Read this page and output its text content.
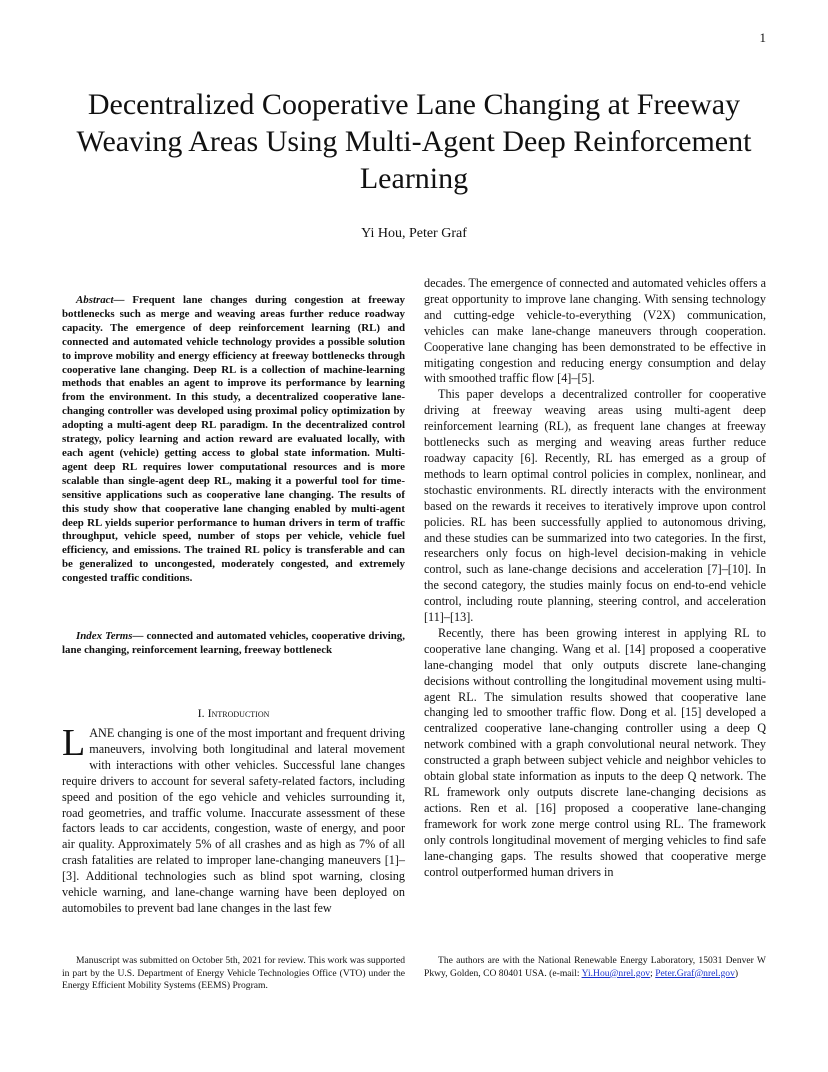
1
Decentralized Cooperative Lane Changing at Freeway Weaving Areas Using Multi-Agent Deep Reinforcement Learning
Yi Hou, Peter Graf

Abstract— Frequent lane changes during congestion at freeway bottlenecks such as merge and weaving areas further reduce roadway capacity. The emergence of deep reinforcement learning (RL) and connected and automated vehicle technology provides a possible solution to improve mobility and energy efficiency at freeway bottlenecks through cooperative lane changing. Deep RL is a collection of machine-learning methods that enables an agent to improve its performance by learning from the environment. In this study, a decentralized cooperative lane-changing controller was developed using proximal policy optimization by adopting a multi-agent deep RL paradigm. In the decentralized control strategy, policy learning and action reward are evaluated locally, with each agent (vehicle) getting access to global state information. Multi-agent deep RL requires lower computational resources and is more scalable than single-agent deep RL, making it a powerful tool for time-sensitive applications such as cooperative lane changing. The results of this study show that cooperative lane changing enabled by multi-agent deep RL yields superior performance to human drivers in term of traffic throughput, vehicle speed, number of stops per vehicle, vehicle fuel efficiency, and emissions. The trained RL policy is transferable and can be generalized to uncongested, moderately congested, and extremely congested traffic conditions.

Index Terms— connected and automated vehicles, cooperative driving, lane changing, reinforcement learning, freeway bottleneck

I. Introduction
LANE changing is one of the most important and frequent driving maneuvers, involving both longitudinal and lateral movement with interactions with other vehicles. Successful lane changes require drivers to account for several safety-related factors, including speed and position of the ego vehicle and vehicles surrounding it, road geometries, and traffic volume. Inaccurate assessment of these factors leads to car accidents, congestion, waste of energy, and poor air quality. Approximately 5% of all crashes and as high as 7% of all crash fatalities are related to improper lane-changing maneuvers [1]–[3]. Additional technologies such as blind spot warning, closing vehicle warning, and lane-change warning have been deployed on automobiles to prevent bad lane changes in the last few

decades. The emergence of connected and automated vehicles offers a great opportunity to improve lane changing. With sensing technology and cutting-edge vehicle-to-everything (V2X) communication, vehicles can make lane-change maneuvers through cooperation. Cooperative lane changing has been demonstrated to be effective in mitigating congestion and reducing energy consumption and delay with smoothed traffic flow [4]–[5].

This paper develops a decentralized controller for cooperative driving at freeway weaving areas using multi-agent deep reinforcement learning (RL), as frequent lane changes at freeway bottlenecks such as merging and weaving areas further reduce roadway capacity [6]. Recently, RL has emerged as a group of methods to learn optimal control policies in complex, nonlinear, and stochastic environments. RL directly interacts with the environment based on the rewards it receives to iteratively improve upon control policies. RL has been successfully applied to autonomous driving, and these studies can be summarized into two categories. In the first, researchers only focus on high-level decision-making in vehicle control, such as lane-change decisions and acceleration [7]–[10]. In the second category, the studies mainly focus on end-to-end vehicle control, including route planning, steering control, and acceleration [11]–[13].

Recently, there has been growing interest in applying RL to cooperative lane changing. Wang et al. [14] proposed a cooperative lane-changing model that only outputs discrete lane-changing decisions without controlling the longitudinal movement using multi-agent RL. The simulation results showed that cooperative lane changing led to smoother traffic flow. Dong et al. [15] developed a centralized cooperative lane-changing controller using a deep Q network combined with a graph convolutional neural network. They constructed a graph between subject vehicle and neighbor vehicles to obtain global state information as inputs to the deep Q network. The RL framework only outputs discrete lane-changing decisions as actions. Ren et al. [16] proposed a cooperative lane-changing framework for work zone merge control using RL. The framework only controls longitudinal movement of merging vehicles to find safe lane-changing gaps. The results showed that cooperative merge control outperformed human drivers in

Manuscript was submitted on October 5th, 2021 for review. This work was supported in part by the U.S. Department of Energy Vehicle Technologies Office (VTO) under the Energy Efficient Mobility Systems (EEMS) Program.
The authors are with the National Renewable Energy Laboratory, 15031 Denver W Pkwy, Golden, CO 80401 USA. (e-mail: Yi.Hou@nrel.gov; Peter.Graf@nrel.gov)
